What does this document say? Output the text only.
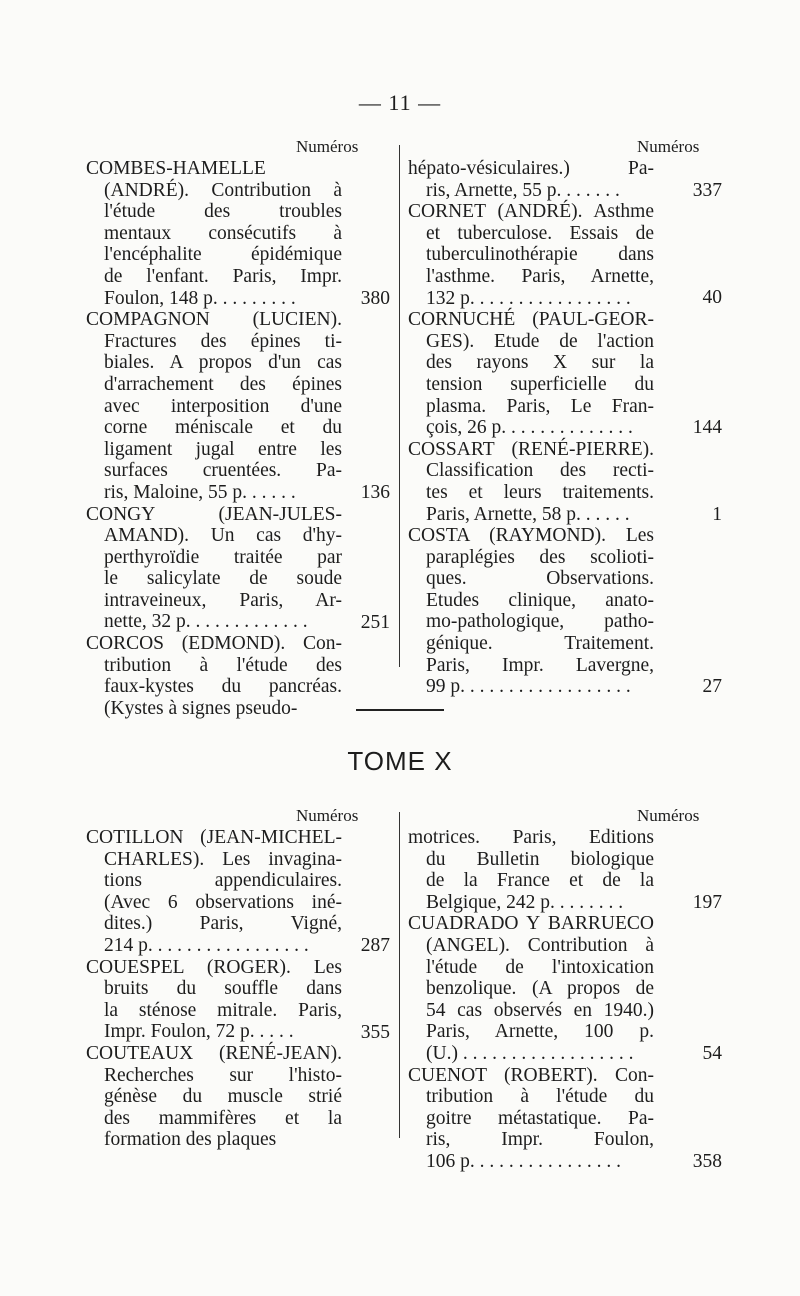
— 11 —
Numéros	Numéros
COMBES-HAMELLE
(ANDRÉ). Contribution à
l'étude des troubles
mentaux consécutifs à
l'encéphalite épidémique
de l'enfant. Paris, Impr.
Foulon, 148 p. . . . . . . . .	380
COMPAGNON (LUCIEN).
Fractures des épines ti-
biales. A propos d'un cas
d'arrachement des épines
avec interposition d'une
corne méniscale et du
ligament jugal entre les
surfaces cruentées. Pa-
ris, Maloine, 55 p. . . . . .	136
CONGY (JEAN-JULES-
AMAND). Un cas d'hy-
perthyroïdie traitée par
le salicylate de soude
intraveineux, Paris, Ar-
nette, 32 p. . . . . . . . . . . . .	251
CORCOS (EDMOND). Con-
tribution à l'étude des
faux-kystes du pancréas.
(Kystes à signes pseudo-
hépato-vésiculaires.) Pa-
ris, Arnette, 55 p. . . . . . .	337
CORNET (ANDRÉ). Asthme
et tuberculose. Essais de
tuberculinothérapie dans
l'asthme. Paris, Arnette,
132 p. . . . . . . . . . . . . . . . .	40
CORNUCHÉ (PAUL-GEOR-
GES). Etude de l'action
des rayons X sur la
tension superficielle du
plasma. Paris, Le Fran-
çois, 26 p. . . . . . . . . . . . . .	144
COSSART (RENÉ-PIERRE).
Classification des recti-
tes et leurs traitements.
Paris, Arnette, 58 p. . . . . .	1
COSTA (RAYMOND). Les
paraplégies des scolioti-
ques. Observations.
Etudes clinique, anato-
mo-pathologique, patho-
génique. Traitement.
Paris, Impr. Lavergne,
99 p. . . . . . . . . . . . . . . . . .	27
TOME X
Numéros	Numéros
COTILLON (JEAN-MICHEL-
CHARLES). Les invagina-
tions appendiculaires.
(Avec 6 observations iné-
dites.) Paris, Vigné,
214 p. . . . . . . . . . . . . . . . .	287
COUESPEL (ROGER). Les
bruits du souffle dans
la sténose mitrale. Paris,
Impr. Foulon, 72 p. . . . .	355
COUTEAUX (RENÉ-JEAN).
Recherches sur l'histo-
génèse du muscle strié
des mammifères et la
formation des plaques
motrices. Paris, Editions
du Bulletin biologique
de la France et de la
Belgique, 242 p. . . . . . . .	197
CUADRADO Y BARRUECO
(ANGEL). Contribution à
l'étude de l'intoxication
benzolique. (A propos de
54 cas observés en 1940.)
Paris, Arnette, 100 p.
(U.) . . . . . . . . . . . . . . . . . .	54
CUENOT (ROBERT). Con-
tribution à l'étude du
goitre métastatique. Pa-
ris, Impr. Foulon,
106 p. . . . . . . . . . . . . . . .	358
